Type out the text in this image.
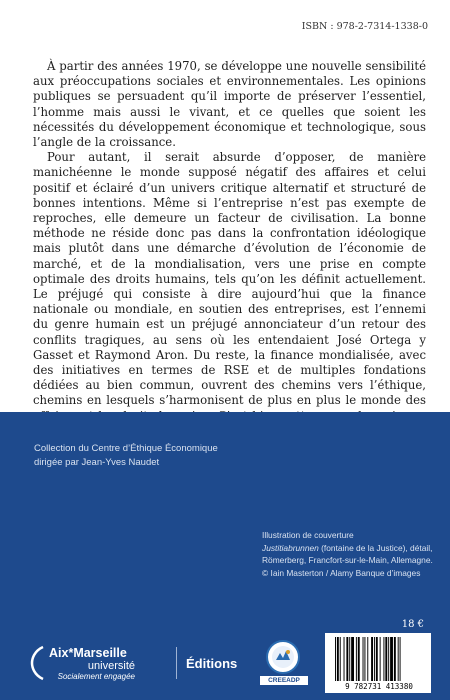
ISBN : 978-2-7314-1338-0

À partir des années 1970, se développe une nouvelle sensibilité aux préoccupations sociales et environnementales. Les opinions publiques se persuadent qu’il importe de préserver l’essentiel, l’homme mais aussi le vivant, et ce quelles que soient les nécessités du développement économique et technologique, sous l’angle de la croissance.

Pour autant, il serait absurde d’opposer, de manière manichéenne le monde supposé négatif des affaires et celui positif et éclairé d’un univers critique alternatif et structuré de bonnes intentions. Même si l’entreprise n’est pas exempte de reproches, elle demeure un facteur de civilisation. La bonne méthode ne réside donc pas dans la confrontation idéologique mais plutôt dans une démarche d’évolution de l’économie de marché, et de la mondialisation, vers une prise en compte optimale des droits humains, tels qu’on les définit actuellement. Le préjugé qui consiste à dire aujourd’hui que la finance nationale ou mondiale, en soutien des entreprises, est l’ennemi du genre humain est un préjugé annonciateur d’un retour des conflits tragiques, au sens où les entendaient José Ortega y Gasset et Raymond Aron. Du reste, la finance mondialisée, avec des initiatives en termes de RSE et de multiples fondations dédiées au bien commun, ouvrent des chemins vers l’éthique, chemins en lesquels s’harmonisent de plus en plus le monde des

Collection du Centre d’Éthique Économique
dirigée par Jean-Yves Naudet
Illustration de couverture
Justitiabrunnen (fontaine de la Justice), détail,
Römerberg, Francfort-sur-le-Main, Allemagne.
© Iain Masterton / Alamy Banque d’images
18 €
Aix*Marseille
université
Socialement engagée
Éditions
CREEADP
9 782731 413380
